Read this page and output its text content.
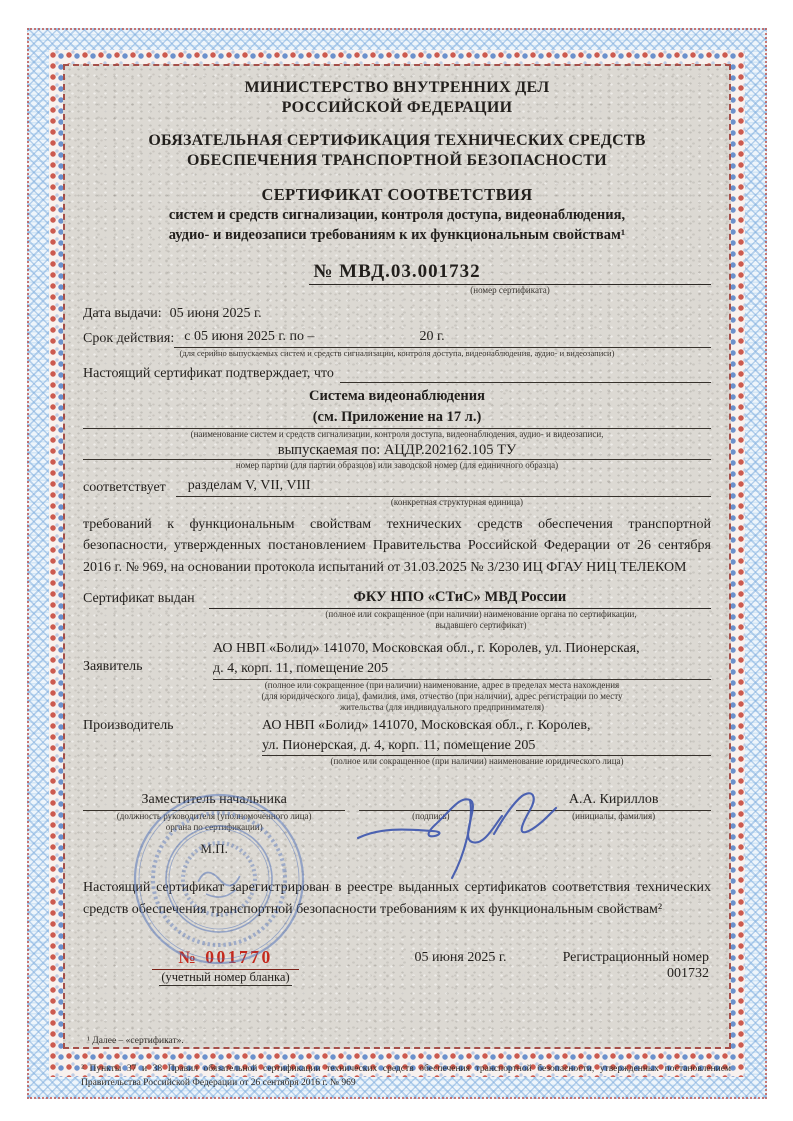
МИНИСТЕРСТВО ВНУТРЕННИХ ДЕЛ
РОССИЙСКОЙ ФЕДЕРАЦИИ
ОБЯЗАТЕЛЬНАЯ СЕРТИФИКАЦИЯ ТЕХНИЧЕСКИХ СРЕДСТВ
ОБЕСПЕЧЕНИЯ ТРАНСПОРТНОЙ БЕЗОПАСНОСТИ
СЕРТИФИКАТ СООТВЕТСТВИЯ
систем и средств сигнализации, контроля доступа, видеонаблюдения,
аудио- и видеозаписи требованиям к их функциональным свойствам¹
№ МВД.03.001732
(номер сертификата)
Дата выдачи: 05 июня 2025 г.
Срок действия: с 05 июня 2025 г. по –	20 г.
(для серийно выпускаемых систем и средств сигнализации, контроля доступа, видеонаблюдения, аудио- и видеозаписи)
Настоящий сертификат подтверждает, что
Система видеонаблюдения
(см. Приложение на 17 л.)
(наименование систем и средств сигнализации, контроля доступа, видеонаблюдения, аудио- и видеозаписи,
выпускаемая по: АЦДР.202162.105 ТУ
номер партии (для партии образцов) или заводской номер (для единичного образца)
соответствует	разделам V, VII, VIII
(конкретная структурная единица)
требований к функциональным свойствам технических средств обеспечения транспортной безопасности, утвержденных постановлением Правительства Российской Федерации от 26 сентября 2016 г. № 969, на основании протокола испытаний от 31.03.2025 № 3/230 ИЦ ФГАУ НИЦ ТЕЛЕКОМ
Сертификат выдан	ФКУ НПО «СТиС» МВД России
(полное или сокращенное (при наличии) наименование органа по сертификации,
выдавшего сертификат)
Заявитель
АО НВП «Болид» 141070, Московская обл., г. Королев, ул. Пионерская,
д. 4, корп. 11, помещение 205
(полное или сокращенное (при наличии) наименование, адрес в пределах места нахождения
(для юридического лица), фамилия, имя, отчество (при наличии), адрес регистрации по месту
жительства (для индивидуального предпринимателя)
Производитель	АО НВП «Болид» 141070, Московская обл., г. Королев,
ул. Пионерская, д. 4, корп. 11, помещение 205
(полное или сокращенное (при наличии) наименование юридического лица)
Заместитель начальника
(должность руководителя (уполномоченного лица)
органа по сертификации)
М.П.
(подпись)
А.А. Кириллов
(инициалы, фамилия)
Настоящий сертификат зарегистрирован в реестре выданных сертификатов соответствия технических средств обеспечения транспортной безопасности требованиям к их функциональным свойствам²
№ 001770
(учетный номер бланка)
05 июня 2025 г.	Регистрационный номер 001732
¹ Далее – «сертификат».
² Пункты 37 и 38 Правил обязательной сертификации технических средств обеспечения транспортной безопасности, утвержденных постановлением Правительства Российской Федерации от 26 сентября 2016 г. № 969
